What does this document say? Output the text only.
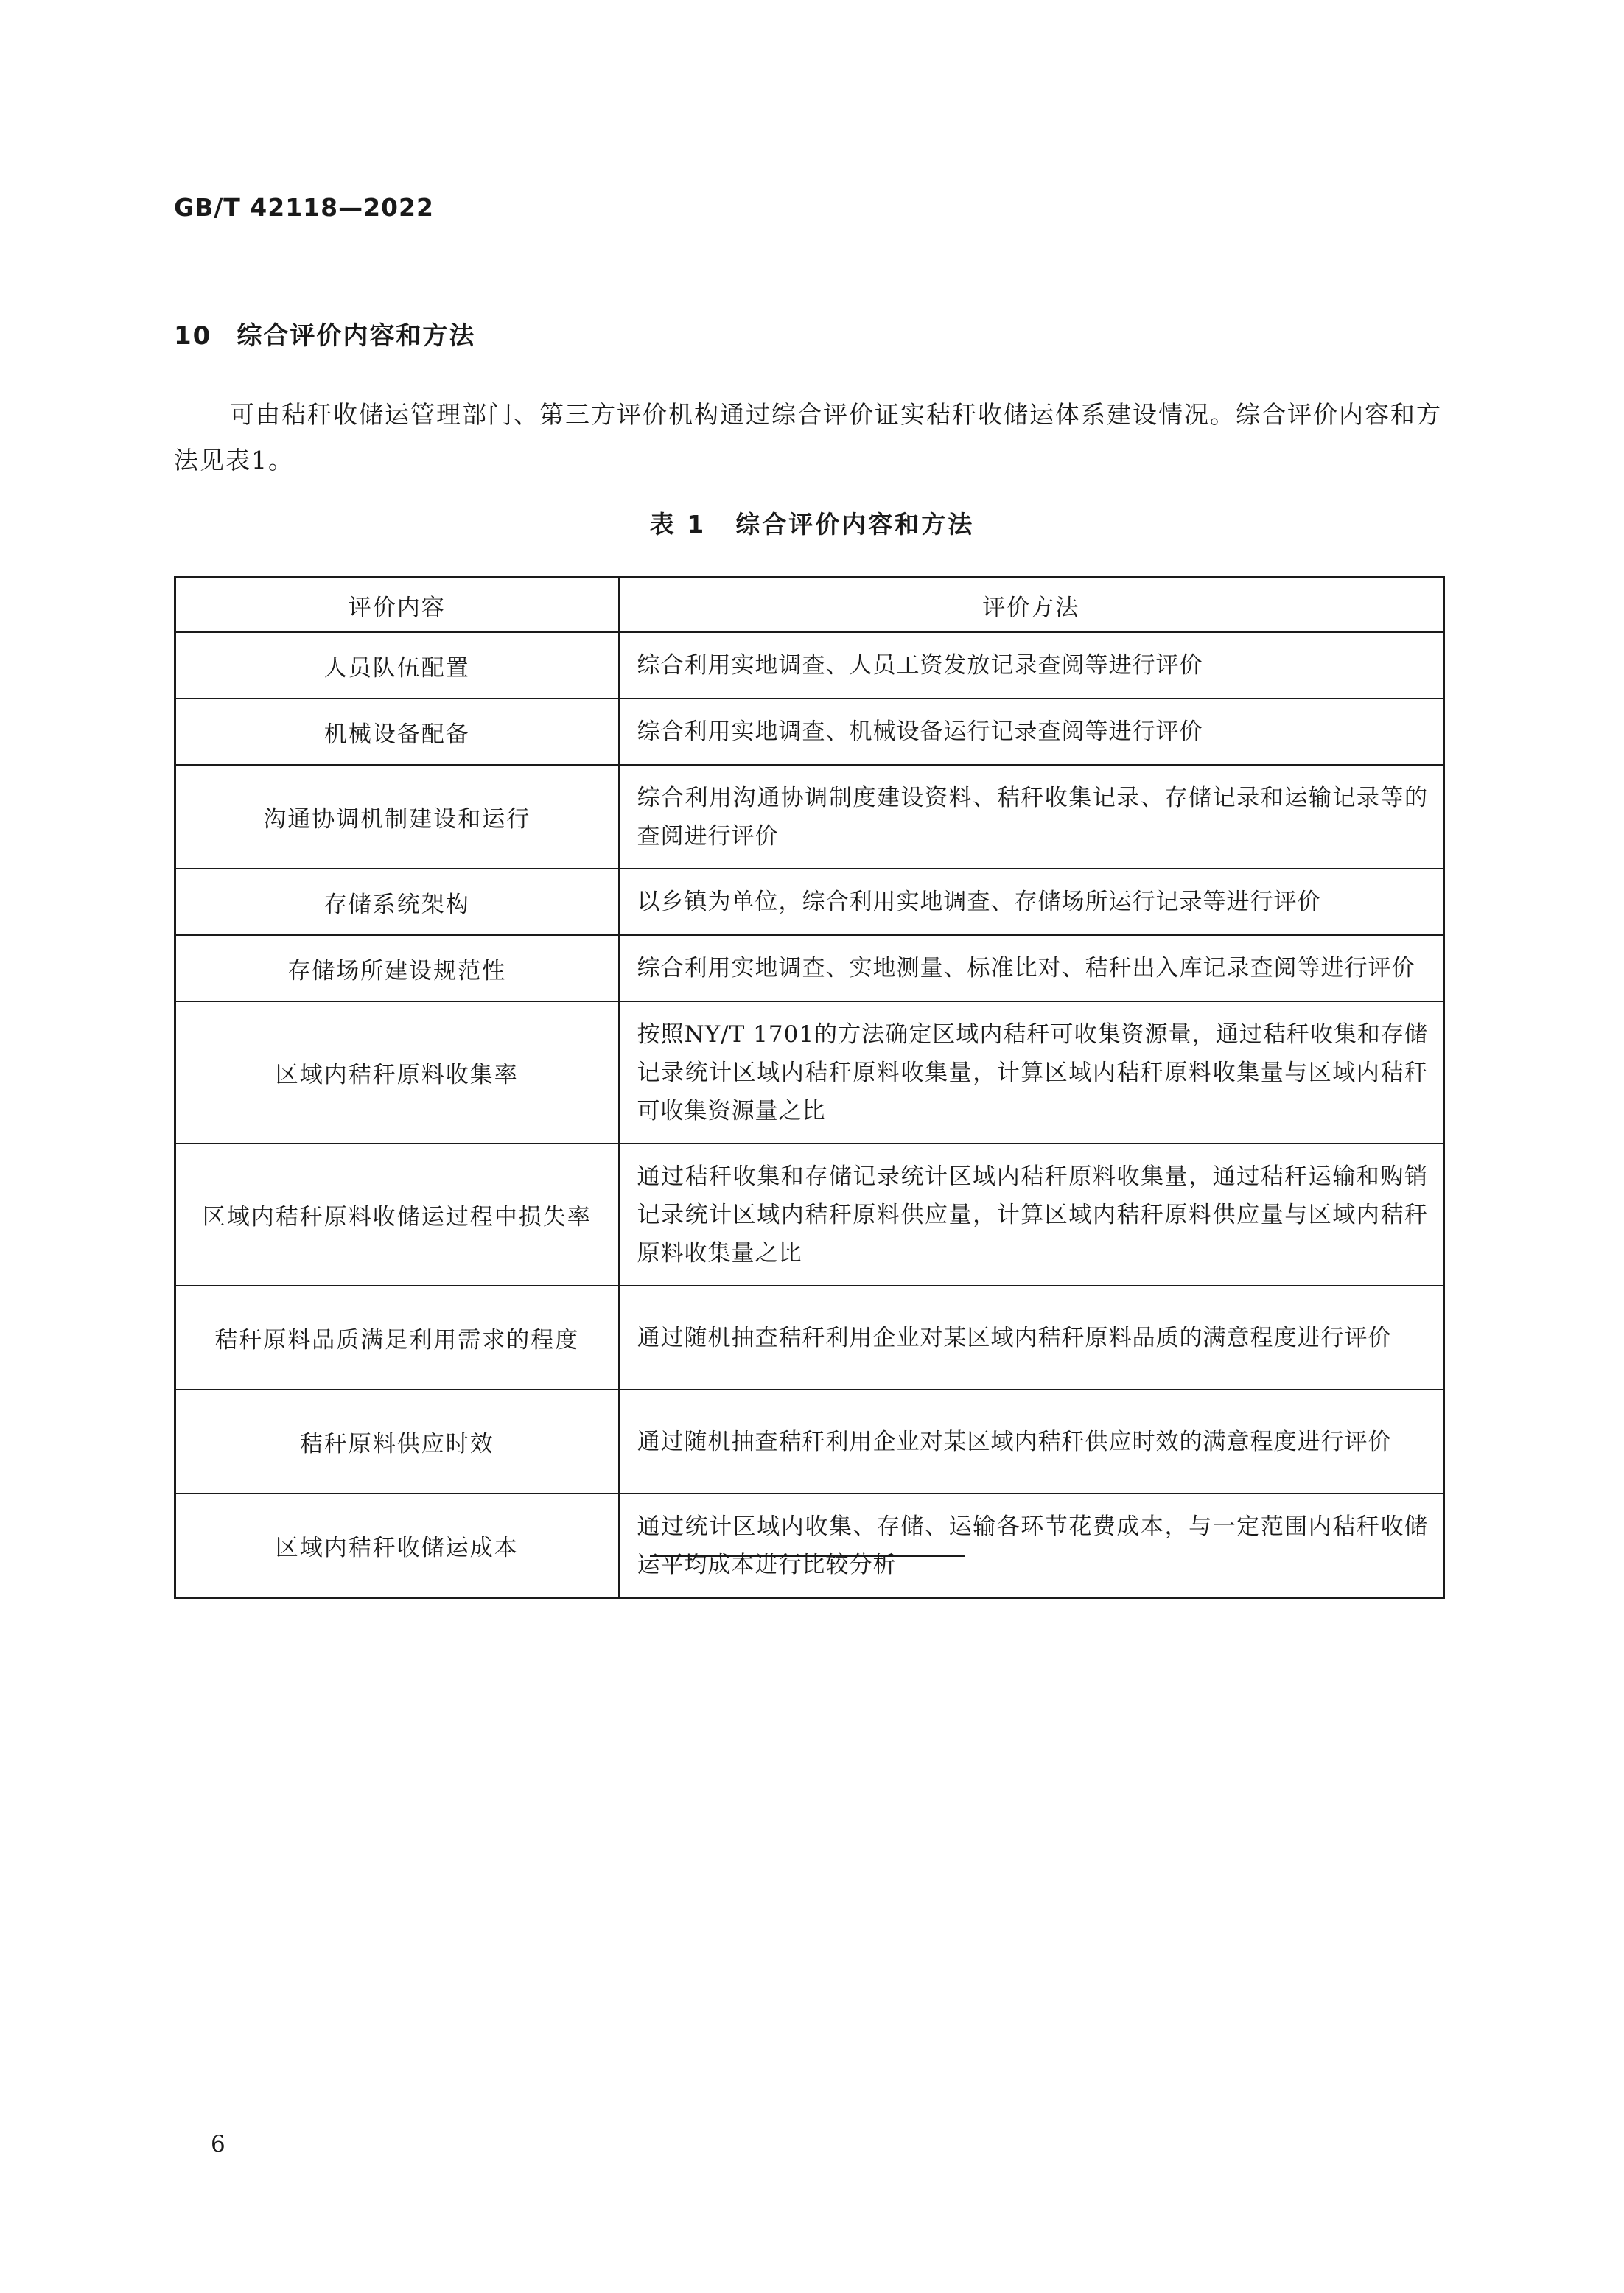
GB/T 42118—2022
10 综合评价内容和方法

可由秸秆收储运管理部门、第三方评价机构通过综合评价证实秸秆收储运体系建设情况。综合评价内容和方法见表1。

表 1 综合评价内容和方法
评价内容	评价方法
人员队伍配置	综合利用实地调查、人员工资发放记录查阅等进行评价
机械设备配备	综合利用实地调查、机械设备运行记录查阅等进行评价
沟通协调机制建设和运行	综合利用沟通协调制度建设资料、秸秆收集记录、存储记录和运输记录等的查阅进行评价
存储系统架构	以乡镇为单位，综合利用实地调查、存储场所运行记录等进行评价
存储场所建设规范性	综合利用实地调查、实地测量、标准比对、秸秆出入库记录查阅等进行评价
区域内秸秆原料收集率	按照NY/T 1701的方法确定区域内秸秆可收集资源量，通过秸秆收集和存储记录统计区域内秸秆原料收集量，计算区域内秸秆原料收集量与区域内秸秆可收集资源量之比
区域内秸秆原料收储运过程中损失率	通过秸秆收集和存储记录统计区域内秸秆原料收集量，通过秸秆运输和购销记录统计区域内秸秆原料供应量，计算区域内秸秆原料供应量与区域内秸秆原料收集量之比
秸秆原料品质满足利用需求的程度	通过随机抽查秸秆利用企业对某区域内秸秆原料品质的满意程度进行评价
秸秆原料供应时效	通过随机抽查秸秆利用企业对某区域内秸秆供应时效的满意程度进行评价
区域内秸秆收储运成本	通过统计区域内收集、存储、运输各环节花费成本，与一定范围内秸秆收储运平均成本进行比较分析
6
